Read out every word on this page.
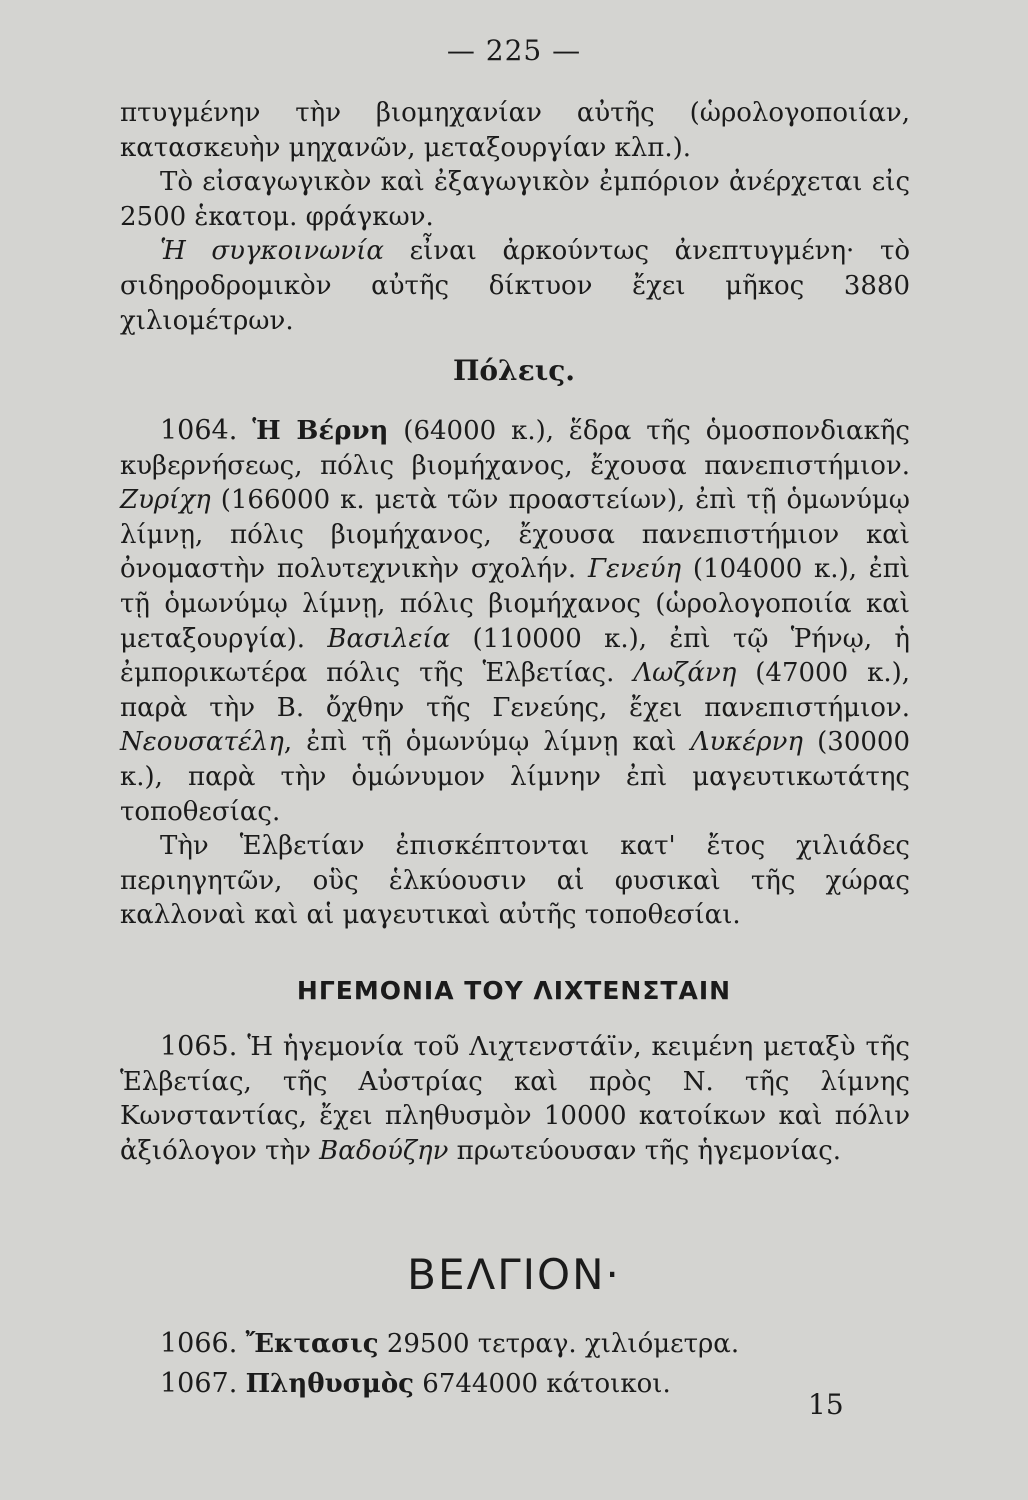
— 225 —

πτυγμένην τὴν βιομηχανίαν αὐτῆς (ὡρολογοποιίαν, κατασκευὴν μηχανῶν, μεταξουργίαν κλπ.).

Τὸ εἰσαγωγικὸν καὶ ἐξαγωγικὸν ἐμπόριον ἀνέρχεται εἰς 2500 ἑκατομ. φράγκων.

Ἡ συγκοινωνία εἶναι ἀρκούντως ἀνεπτυγμένη· τὸ σιδηροδρομικὸν αὐτῆς δίκτυον ἔχει μῆκος 3880 χιλιομέτρων.

Πόλεις.

1064. Ἡ Βέρνη (64000 κ.), ἕδρα τῆς ὁμοσπονδιακῆς κυβερνήσεως, πόλις βιομήχανος, ἔχουσα πανεπιστήμιον. Ζυρίχη (166000 κ. μετὰ τῶν προαστείων), ἐπὶ τῇ ὁμωνύμῳ λίμνῃ, πόλις βιομήχανος, ἔχουσα πανεπιστήμιον καὶ ὀνομαστὴν πολυτεχνικὴν σχολήν. Γενεύη (104000 κ.), ἐπὶ τῇ ὁμωνύμῳ λίμνῃ, πόλις βιομήχανος (ὡρολογοποιία καὶ μεταξουργία). Βασιλεία (110000 κ.), ἐπὶ τῷ Ῥήνῳ, ἡ ἐμπορικωτέρα πόλις τῆς Ἑλβετίας. Λωζάνη (47000 κ.), παρὰ τὴν Β. ὄχθην τῆς Γενεύης, ἔχει πανεπιστήμιον. Νεουσατέλη, ἐπὶ τῇ ὁμωνύμῳ λίμνῃ καὶ Λυκέρνη (30000 κ.), παρὰ τὴν ὁμώνυμον λίμνην ἐπὶ μαγευτικωτάτης τοποθεσίας.

Τὴν Ἑλβετίαν ἐπισκέπτονται κατ' ἔτος χιλιάδες περιηγητῶν, οὓς ἑλκύουσιν αἱ φυσικαὶ τῆς χώρας καλλοναὶ καὶ αἱ μαγευτικαὶ αὐτῆς τοποθεσίαι.

ΗΓΕΜΟΝΙΑ ΤΟΥ ΛΙΧΤΕΝΣΤΑΙΝ

1065. Ἡ ἡγεμονία τοῦ Λιχτενστάϊν, κειμένη μεταξὺ τῆς Ἑλβετίας, τῆς Αὐστρίας καὶ πρὸς Ν. τῆς λίμνης Κωνσταντίας, ἔχει πληθυσμὸν 10000 κατοίκων καὶ πόλιν ἀξιόλογον τὴν Βαδούζην πρωτεύουσαν τῆς ἡγεμονίας.

ΒΕΛΓΙΟΝ·

1066. Ἔκτασις 29500 τετραγ. χιλιόμετρα.

1067. Πληθυσμὸς 6744000 κάτοικοι.

15
